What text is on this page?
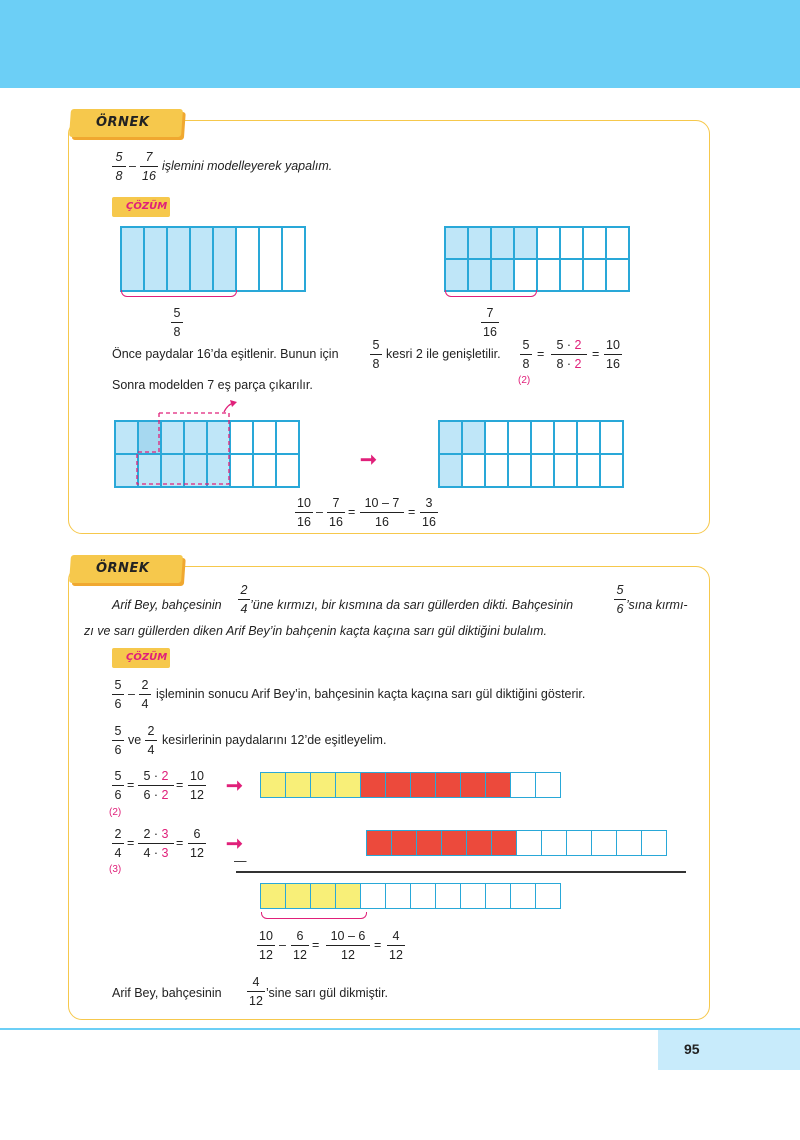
ÖRNEK
$\frac{5}{8} - \frac{7}{16}$ işlemini modelleyerek yapalım.
ÇÖZÜM
$\frac{5}{8}$	$\frac{7}{16}$
Önce paydalar 16’da eşitlenir. Bunun için	$\frac{5}{8}$ kesri 2 ile genişletilir. $\frac{5}{8} = \frac{5 \cdot 2}{8 \cdot 2} = \frac{10}{16}$
(2)
Sonra modelden 7 eş parça çıkarılır.
➞
$\frac{10}{16} - \frac{7}{16} = \frac{10 - 7}{16} = \frac{3}{16}$
ÖRNEK
Arif Bey, bahçesinin $\frac{2}{4}$ ’üne kırmızı, bir kısmına da sarı güllerden dikti. Bahçesinin	$\frac{5}{6}$ ’sına kırmı-
zı ve sarı güllerden diken Arif Bey’in bahçenin kaçta kaçına sarı gül diktiğini bulalım.
ÇÖZÜM
$\frac{5}{6} - \frac{2}{4}$ işleminin sonucu Arif Bey’in, bahçesinin kaçta kaçına sarı gül diktiğini gösterir.
$\frac{5}{6}$ ve $\frac{2}{4}$ kesirlerinin paydalarını 12’de eşitleyelim.
$\frac{5}{6} = \frac{5 \cdot 2}{6 \cdot 2} = \frac{10}{12}$
(2)
➞
$\frac{2}{4} = \frac{2 \cdot 3}{4 \cdot 3} = \frac{6}{12}$
(3)
➞
—
$\frac{10}{12} - \frac{6}{12} = \frac{10 - 6}{12} = \frac{4}{12}$
Arif Bey, bahçesinin $\frac{4}{12}$ ’sine sarı gül dikmiştir.
95
